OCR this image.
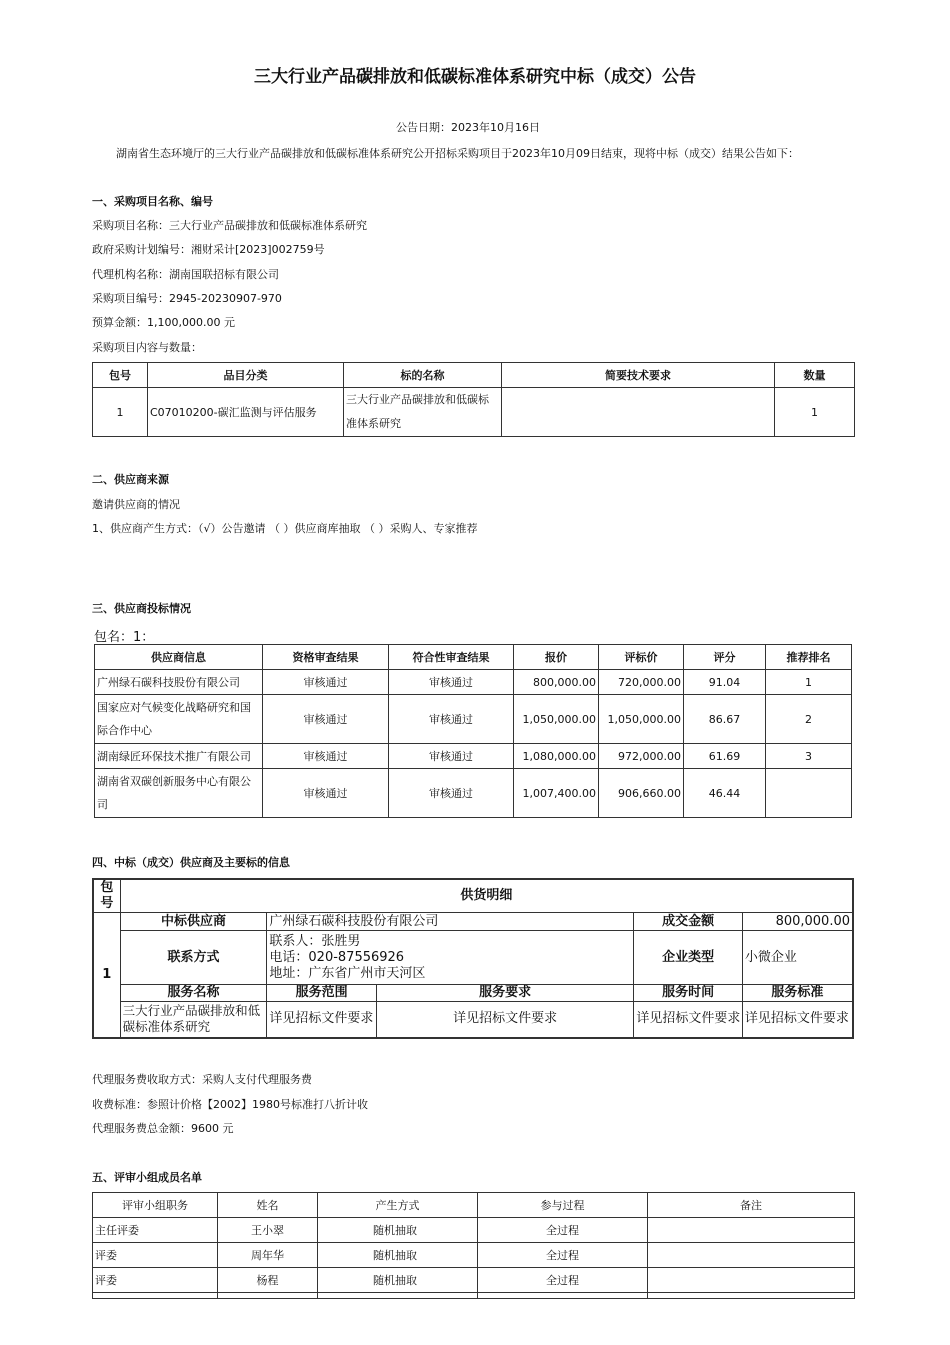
三大行业产品碳排放和低碳标准体系研究中标（成交）公告
公告日期：2023年10月16日
湖南省生态环境厅的三大行业产品碳排放和低碳标准体系研究公开招标采购项目于2023年10月09日结束，现将中标（成交）结果公告如下：
一、采购项目名称、编号
采购项目名称：三大行业产品碳排放和低碳标准体系研究
政府采购计划编号：湘财采计[2023]002759号
代理机构名称：湖南国联招标有限公司
采购项目编号：2945-20230907-970
预算金额：1,100,000.00 元
采购项目内容与数量：
包号	品目分类	标的名称	简要技术要求	数量
1	C07010200-碳汇监测与评估服务	三大行业产品碳排放和低碳标准体系研究		1
二、供应商来源
邀请供应商的情况
1、供应商产生方式：（√）公告邀请 （ ）供应商库抽取 （ ）采购人、专家推荐
三、供应商投标情况
包名：1：
供应商信息	资格审查结果	符合性审查结果	报价	评标价	评分	推荐排名
广州绿石碳科技股份有限公司	审核通过	审核通过	800,000.00	720,000.00	91.04	1
国家应对气候变化战略研究和国际合作中心	审核通过	审核通过	1,050,000.00	1,050,000.00	86.67	2
湖南绿匠环保技术推广有限公司	审核通过	审核通过	1,080,000.00	972,000.00	61.69	3
湖南省双碳创新服务中心有限公司	审核通过	审核通过	1,007,400.00	906,660.00	46.44	
四、中标（成交）供应商及主要标的信息
包号	供货明细				
1	中标供应商	广州绿石碳科技股份有限公司		成交金额	800,000.00
	联系方式	联系人：张胜男
电话：020-87556926
地址：广东省广州市天河区		企业类型	小微企业
	服务名称	服务范围	服务要求	服务时间	服务标准
	三大行业产品碳排放和低碳标准体系研究	详见招标文件要求	详见招标文件要求	详见招标文件要求	详见招标文件要求
代理服务费收取方式：采购人支付代理服务费
收费标准：参照计价格【2002】1980号标准打八折计收
代理服务费总金额：9600 元
五、评审小组成员名单
评审小组职务	姓名	产生方式	参与过程	备注
主任评委	王小翠	随机抽取	全过程	
评委	周年华	随机抽取	全过程	
评委	杨程	随机抽取	全过程	
